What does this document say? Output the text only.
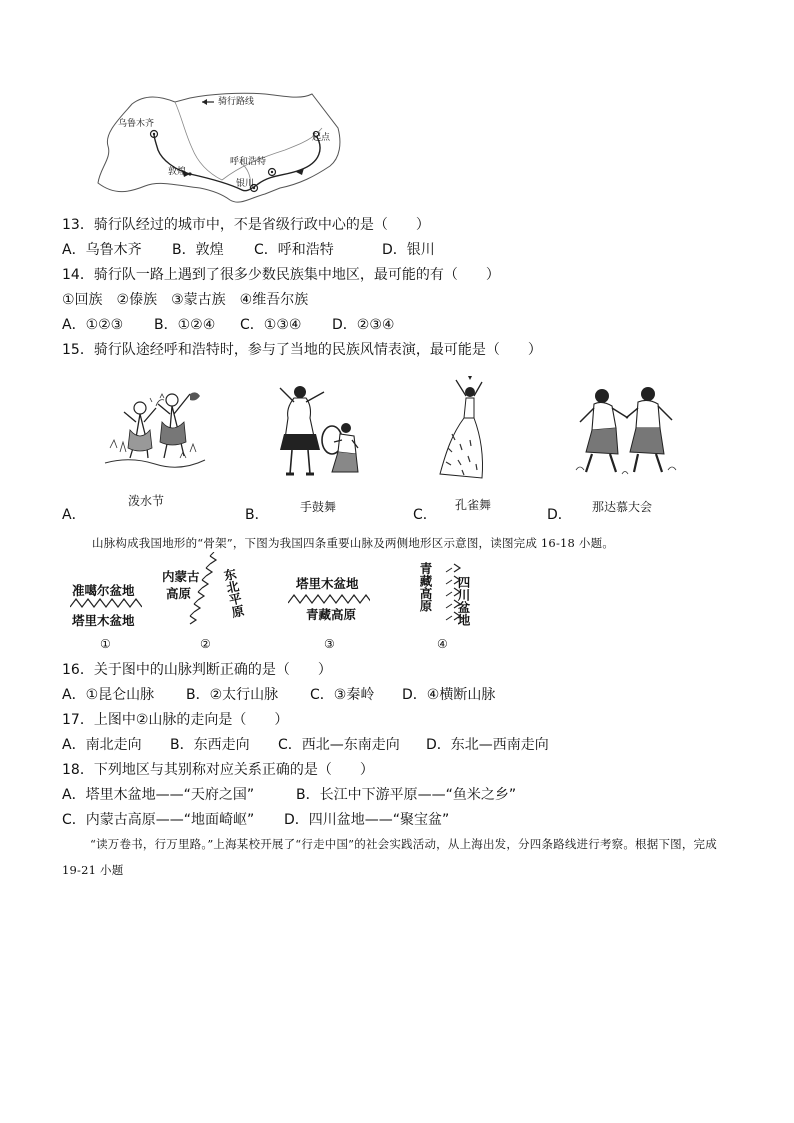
骑行路线
乌鲁木齐
敦煌
呼和浩特
银川
起点
13．骑行队经过的城市中，不是省级行政中心的是（　　）
A．乌鲁木齐 B．敦煌 C．呼和浩特	D．银川
14．骑行队一路上遇到了很多少数民族集中地区，最可能的有（　　）
①回族　②傣族　③蒙古族　④维吾尔族
A．①②③ B．①②④ C．①③④ D．②③④
15．骑行队途经呼和浩特时，参与了当地的民族风情表演，最可能是（　　）
A．
泼水节
B．	手鼓舞	C．
孔雀舞
D． 那达慕大会
山脉构成我国地形的“骨架”，下图为我国四条重要山脉及两侧地形区示意图，读图完成 16-18 小题。
准噶尔盆地
塔里木盆地
①
内蒙古
高原 东北平原
②
塔里木盆地
青藏高原
③
青藏高原 四川盆地
④
16．关于图中的山脉判断正确的是（　　）
A．①昆仑山脉 B．②太行山脉 C．③秦岭 D．④横断山脉
17．上图中②山脉的走向是（　　）
A．南北走向 B．东西走向 C．西北—东南走向 D．东北—西南走向
18．下列地区与其别称对应关系正确的是（　　）
A．塔里木盆地——“天府之国”	B．长江中下游平原——“鱼米之乡”
C．内蒙古高原——“地面崎岖” D．四川盆地——“聚宝盆”
“读万卷书，行万里路。”上海某校开展了“行走中国”的社会实践活动，从上海出发，分四条路线进行考察。根据下图，完成 19-21 小题
